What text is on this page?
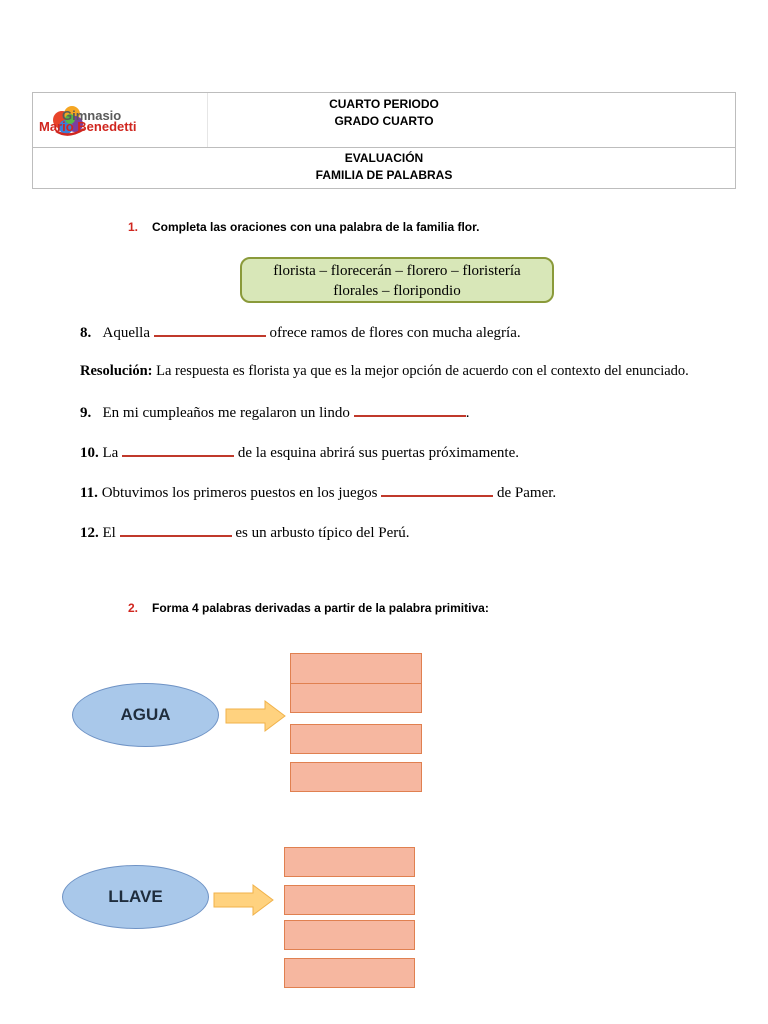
CUARTO PERIODO
GRADO CUARTO
EVALUACIÓN
FAMILIA DE PALABRAS
Gimnasio
Mario Benedetti
1. Completa las oraciones con una palabra de la familia flor.
florista – florecerán – florero – floristería
florales – floripondio
8. Aquella	ofrece ramos de flores con mucha alegría.
Resolución: La respuesta es florista ya que es la mejor opción de acuerdo con el contexto del enunciado.
9. En mi cumpleaños me regalaron un lindo	.
10. La	de la esquina abrirá sus puertas próximamente.
11. Obtuvimos los primeros puestos en los juegos	de Pamer.
12. El	es un arbusto típico del Perú.
2. Forma 4 palabras derivadas a partir de la palabra primitiva:
AGUA
LLAVE
